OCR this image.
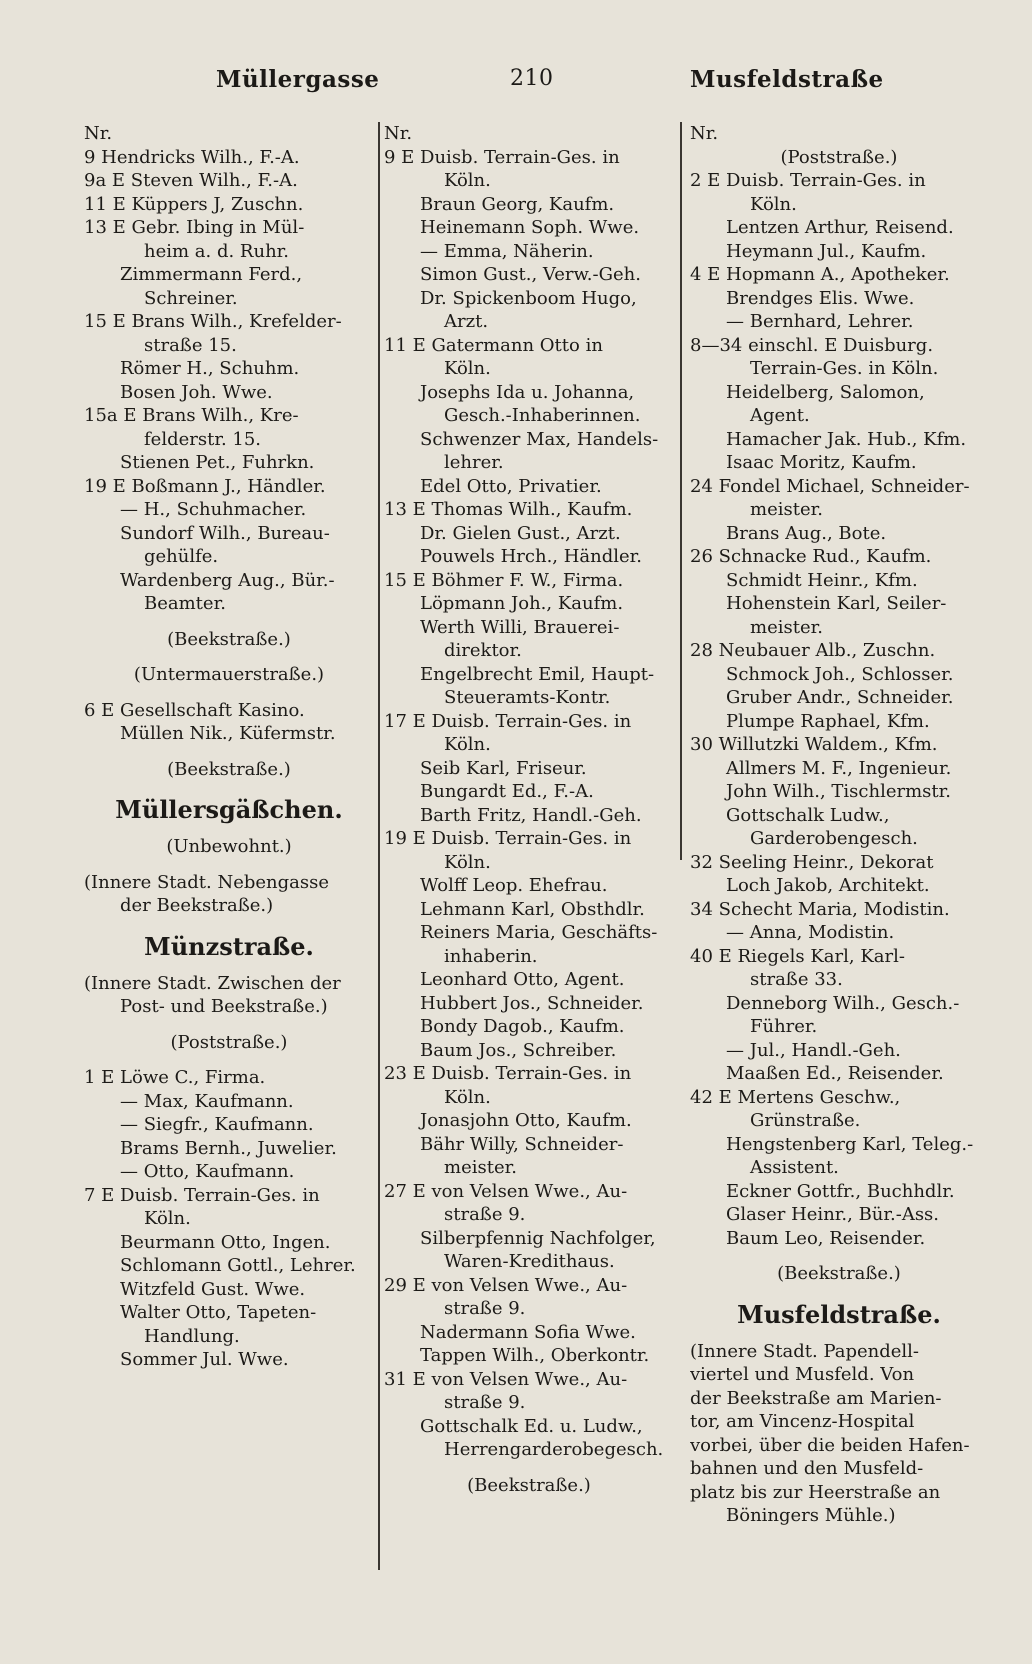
Müllergasse	210	Musfeldstraße
Nr.
9 Hendricks Wilh., F.-A.
9a E Steven Wilh., F.-A.
11 E Küppers J, Zuschn.
13 E Gebr. Ibing in Mül-
heim a. d. Ruhr.
Zimmermann Ferd.,
Schreiner.
15 E Brans Wilh., Krefelder-
straße 15.
Römer H., Schuhm.
Bosen Joh. Wwe.
15a E Brans Wilh., Kre-
felderstr. 15.
Stienen Pet., Fuhrkn.
19 E Boßmann J., Händler.
— H., Schuhmacher.
Sundorf Wilh., Bureau-
gehülfe.
Wardenberg Aug., Bür.-
Beamter.
(Beekstraße.)
(Untermauerstraße.)
6 E Gesellschaft Kasino.
Müllen Nik., Küfermstr.
(Beekstraße.)
Müllersgäßchen.
(Unbewohnt.)
(Innere Stadt. Nebengasse
der Beekstraße.)
Münzstraße.
(Innere Stadt. Zwischen der
Post- und Beekstraße.)
(Poststraße.)
1 E Löwe C., Firma.
— Max, Kaufmann.
— Siegfr., Kaufmann.
Brams Bernh., Juwelier.
— Otto, Kaufmann.
7 E Duisb. Terrain-Ges. in
Köln.
Beurmann Otto, Ingen.
Schlomann Gottl., Lehrer.
Witzfeld Gust. Wwe.
Walter Otto, Tapeten-
Handlung.
Sommer Jul. Wwe.
Nr.
9 E Duisb. Terrain-Ges. in
Köln.
Braun Georg, Kaufm.
Heinemann Soph. Wwe.
— Emma, Näherin.
Simon Gust., Verw.-Geh.
Dr. Spickenboom Hugo,
Arzt.
11 E Gatermann Otto in
Köln.
Josephs Ida u. Johanna,
Gesch.-Inhaberinnen.
Schwenzer Max, Handels-
lehrer.
Edel Otto, Privatier.
13 E Thomas Wilh., Kaufm.
Dr. Gielen Gust., Arzt.
Pouwels Hrch., Händler.
15 E Böhmer F. W., Firma.
Löpmann Joh., Kaufm.
Werth Willi, Brauerei-
direktor.
Engelbrecht Emil, Haupt-
Steueramts-Kontr.
17 E Duisb. Terrain-Ges. in
Köln.
Seib Karl, Friseur.
Bungardt Ed., F.-A.
Barth Fritz, Handl.-Geh.
19 E Duisb. Terrain-Ges. in
Köln.
Wolff Leop. Ehefrau.
Lehmann Karl, Obsthdlr.
Reiners Maria, Geschäfts-
inhaberin.
Leonhard Otto, Agent.
Hubbert Jos., Schneider.
Bondy Dagob., Kaufm.
Baum Jos., Schreiber.
23 E Duisb. Terrain-Ges. in
Köln.
Jonasjohn Otto, Kaufm.
Bähr Willy, Schneider-
meister.
27 E von Velsen Wwe., Au-
straße 9.
Silberpfennig Nachfolger,
Waren-Kredithaus.
29 E von Velsen Wwe., Au-
straße 9.
Nadermann Sofia Wwe.
Tappen Wilh., Oberkontr.
31 E von Velsen Wwe., Au-
straße 9.
Gottschalk Ed. u. Ludw.,
Herrengarderobegesch.
(Beekstraße.)
Nr.
(Poststraße.)
2 E Duisb. Terrain-Ges. in
Köln.
Lentzen Arthur, Reisend.
Heymann Jul., Kaufm.
4 E Hopmann A., Apotheker.
Brendges Elis. Wwe.
— Bernhard, Lehrer.
8—34 einschl. E Duisburg.
Terrain-Ges. in Köln.
Heidelberg, Salomon,
Agent.
Hamacher Jak. Hub., Kfm.
Isaac Moritz, Kaufm.
24 Fondel Michael, Schneider-
meister.
Brans Aug., Bote.
26 Schnacke Rud., Kaufm.
Schmidt Heinr., Kfm.
Hohenstein Karl, Seiler-
meister.
28 Neubauer Alb., Zuschn.
Schmock Joh., Schlosser.
Gruber Andr., Schneider.
Plumpe Raphael, Kfm.
30 Willutzki Waldem., Kfm.
Allmers M. F., Ingenieur.
John Wilh., Tischlermstr.
Gottschalk Ludw.,
Garderobengesch.
32 Seeling Heinr., Dekorat
Loch Jakob, Architekt.
34 Schecht Maria, Modistin.
— Anna, Modistin.
40 E Riegels Karl, Karl-
straße 33.
Denneborg Wilh., Gesch.-
Führer.
— Jul., Handl.-Geh.
Maaßen Ed., Reisender.
42 E Mertens Geschw.,
Grünstraße.
Hengstenberg Karl, Teleg.-
Assistent.
Eckner Gottfr., Buchhdlr.
Glaser Heinr., Bür.-Ass.
Baum Leo, Reisender.
(Beekstraße.)
Musfeldstraße.
(Innere Stadt. Papendell-
viertel und Musfeld. Von
der Beekstraße am Marien-
tor, am Vincenz-Hospital
vorbei, über die beiden Hafen-
bahnen und den Musfeld-
platz bis zur Heerstraße an
Böningers Mühle.)
